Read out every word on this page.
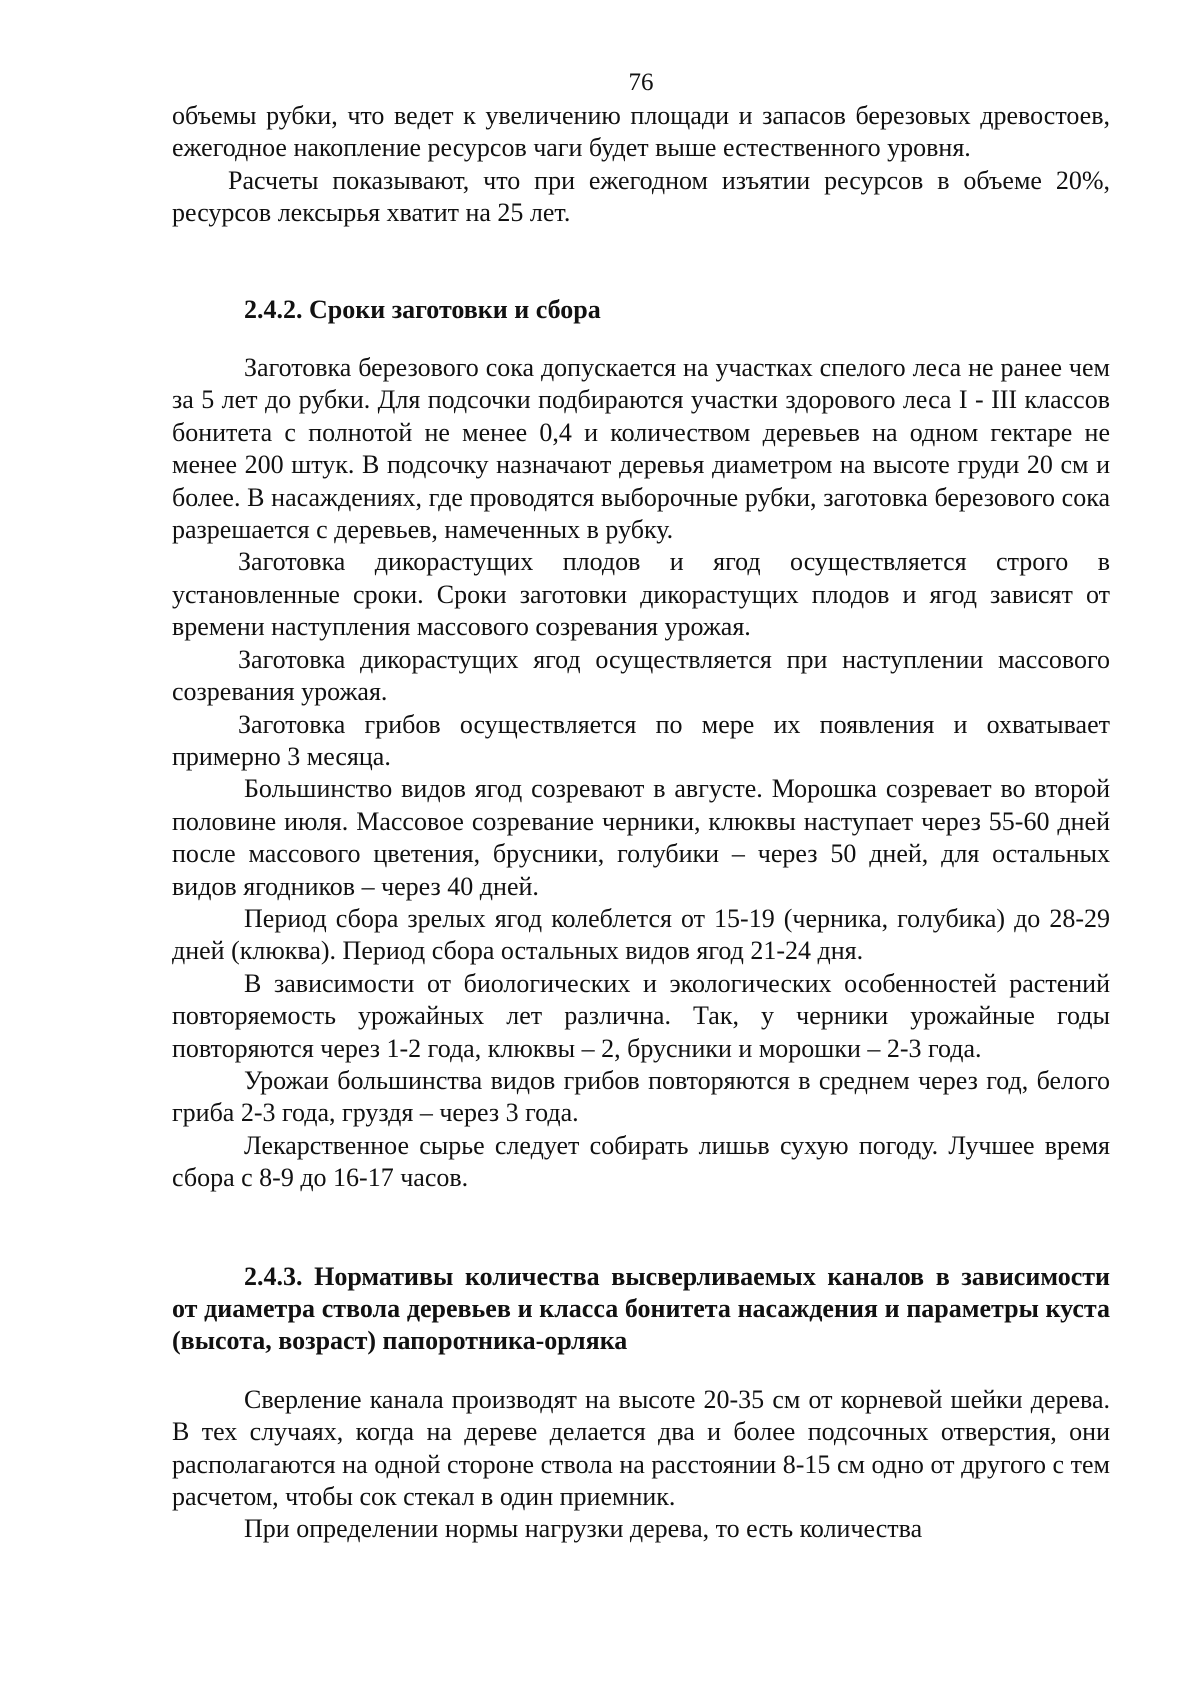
76

объемы рубки, что ведет к увеличению площади и запасов березовых древостоев, ежегодное накопление ресурсов чаги будет выше естественного уровня.

Расчеты показывают, что при ежегодном изъятии ресурсов в объеме 20%, ресурсов лексырья хватит на 25 лет.

2.4.2. Сроки заготовки и сбора

Заготовка березового сока допускается на участках спелого леса не ранее чем за 5 лет до рубки. Для подсочки подбираются участки здорового леса I - III классов бонитета с полнотой не менее 0,4 и количеством деревьев на одном гектаре не менее 200 штук. В подсочку назначают деревья диаметром на высоте груди 20 см и более. В насаждениях, где проводятся выборочные рубки, заготовка березового сока разрешается с деревьев, намеченных в рубку.

Заготовка дикорастущих плодов и ягод осуществляется строго в установленные сроки. Сроки заготовки дикорастущих плодов и ягод зависят от времени наступления массового созревания урожая.

Заготовка дикорастущих ягод осуществляется при наступлении массового созревания урожая.

Заготовка грибов осуществляется по мере их появления и охватывает примерно 3 месяца.

Большинство видов ягод созревают в августе. Морошка созревает во второй половине июля. Массовое созревание черники, клюквы наступает через 55-60 дней после массового цветения, брусники, голубики – через 50 дней, для остальных видов ягодников – через 40 дней.

Период сбора зрелых ягод колеблется от 15-19 (черника, голубика) до 28-29 дней (клюква). Период сбора остальных видов ягод 21-24 дня.

В зависимости от биологических и экологических особенностей растений повторяемость урожайных лет различна. Так, у черники урожайные годы повторяются через 1-2 года, клюквы – 2, брусники и морошки – 2-3 года.

Урожаи большинства видов грибов повторяются в среднем через год, белого гриба 2-3 года, груздя – через 3 года.

Лекарственное сырье следует собирать лишьв сухую погоду. Лучшее время сбора с 8-9 до 16-17 часов.

2.4.3. Нормативы количества высверливаемых каналов в зависимости от диаметра ствола деревьев и класса бонитета насаждения и параметры куста (высота, возраст) папоротника-орляка

Сверление канала производят на высоте 20-35 см от корневой шейки дерева. В тех случаях, когда на дереве делается два и более подсочных отверстия, они располагаются на одной стороне ствола на расстоянии 8-15 см одно от другого с тем расчетом, чтобы сок стекал в один приемник.

При определении нормы нагрузки дерева, то есть количества
